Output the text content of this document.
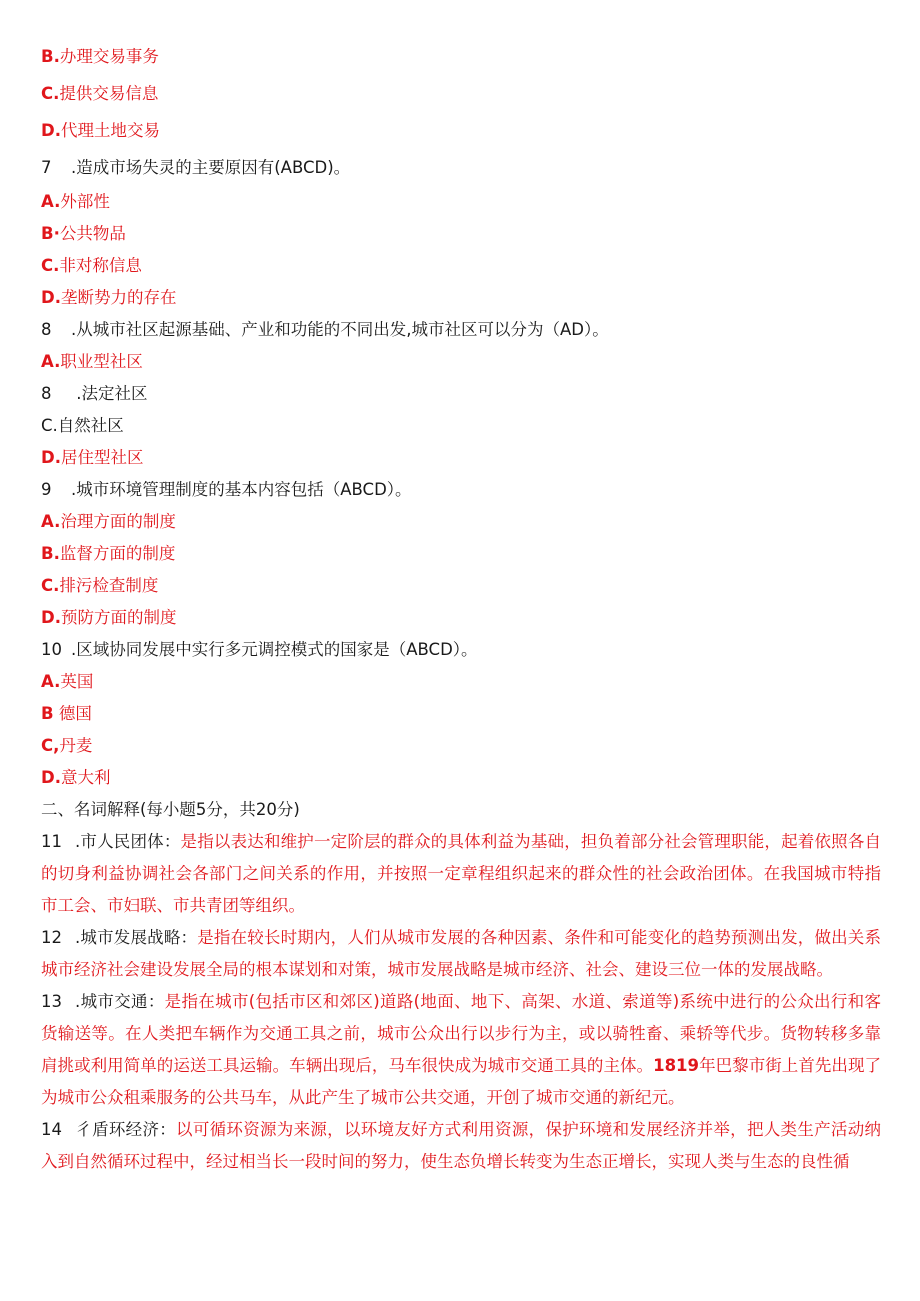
B.办理交易事务
C.提供交易信息
D.代理土地交易
7 .造成市场失灵的主要原因有(ABCD)。
A.外部性
B·公共物品
C.非对称信息
D.垄断势力的存在
8 .从城市社区起源基础、产业和功能的不同出发,城市社区可以分为（AD）。
A.职业型社区
8 .法定社区
C.自然社区
D.居住型社区
9 .城市环境管理制度的基本内容包括（ABCD）。
A.治理方面的制度
B.监督方面的制度
C.排污检查制度
D.预防方面的制度
10 .区域协同发展中实行多元调控模式的国家是（ABCD）。
A.英国
B 德国
C,丹麦
D.意大利
二、名词解释(每小题5分，共20分)
11 .市人民团体：是指以表达和维护一定阶层的群众的具体利益为基础，担负着部分社会管理职能，起着依照各自的切身利益协调社会各部门之间关系的作用，并按照一定章程组织起来的群众性的社会政治团体。在我国城市特指市工会、市妇联、市共青团等组织。
12 .城市发展战略：是指在较长时期内，人们从城市发展的各种因素、条件和可能变化的趋势预测出发，做出关系城市经济社会建设发展全局的根本谋划和对策，城市发展战略是城市经济、社会、建设三位一体的发展战略。
13 .城市交通：是指在城市(包括市区和郊区)道路(地面、地下、高架、水道、索道等)系统中进行的公众出行和客货输送等。在人类把车辆作为交通工具之前，城市公众出行以步行为主，或以骑牲畜、乘轿等代步。货物转移多靠肩挑或利用简单的运送工具运输。车辆出现后，马车很快成为城市交通工具的主体。1819年巴黎市街上首先出现了为城市公众租乘服务的公共马车，从此产生了城市公共交通，开创了城市交通的新纪元。
14 彳盾环经济：以可循环资源为来源，以环境友好方式利用资源，保护环境和发展经济并举，把人类生产活动纳入到自然循环过程中，经过相当长一段时间的努力，使生态负增长转变为生态正增长，实现人类与生态的良性循
